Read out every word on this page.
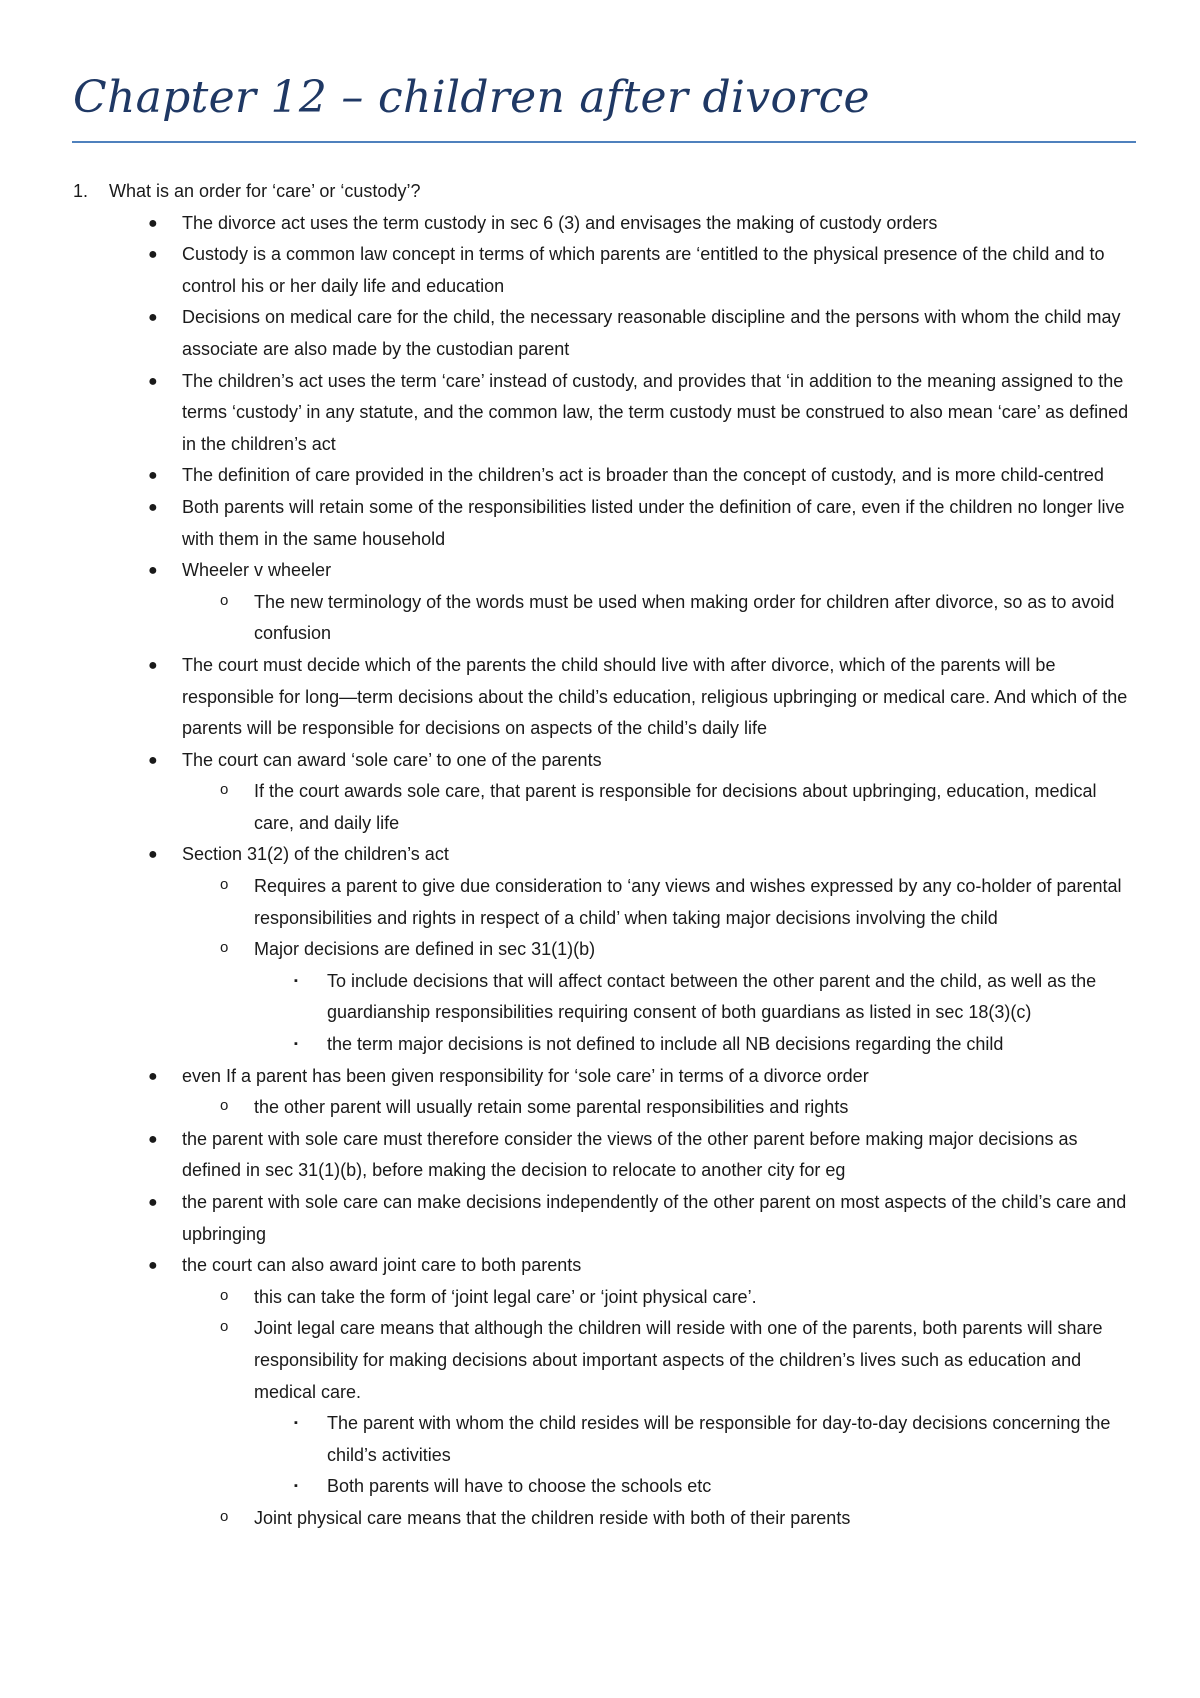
Chapter 12 – children after divorce
1. What is an order for ‘care’ or ‘custody’?
● The divorce act uses the term custody in sec 6 (3) and envisages the making of custody orders
● Custody is a common law concept in terms of which parents are ‘entitled to the physical presence of the child and to control his or her daily life and education
● Decisions on medical care for the child, the necessary reasonable discipline and the persons with whom the child may associate are also made by the custodian parent
● The children’s act uses the term ‘care’ instead of custody, and provides that ‘in addition to the meaning assigned to the terms ‘custody’ in any statute, and the common law, the term custody must be construed to also mean ‘care’ as defined in the children’s act
● The definition of care provided in the children’s act is broader than the concept of custody, and is more child-centred
● Both parents will retain some of the responsibilities listed under the definition of care, even if the children no longer live with them in the same household
● Wheeler v wheeler
o The new terminology of the words must be used when making order for children after divorce, so as to avoid confusion
● The court must decide which of the parents the child should live with after divorce, which of the parents will be responsible for long—term decisions about the child’s education, religious upbringing or medical care. And which of the parents will be responsible for decisions on aspects of the child’s daily life
● The court can award ‘sole care’ to one of the parents
o If the court awards sole care, that parent is responsible for decisions about upbringing, education, medical care, and daily life
● Section 31(2) of the children’s act
o Requires a parent to give due consideration to ‘any views and wishes expressed by any co-holder of parental responsibilities and rights in respect of a child’ when taking major decisions involving the child
o Major decisions are defined in sec 31(1)(b)
▪ To include decisions that will affect contact between the other parent and the child, as well as the guardianship responsibilities requiring consent of both guardians as listed in sec 18(3)(c)
▪ the term major decisions is not defined to include all NB decisions regarding the child
● even If a parent has been given responsibility for ‘sole care’ in terms of a divorce order
o the other parent will usually retain some parental responsibilities and rights
● the parent with sole care must therefore consider the views of the other parent before making major decisions as defined in sec 31(1)(b), before making the decision to relocate to another city for eg
● the parent with sole care can make decisions independently of the other parent on most aspects of the child’s care and upbringing
● the court can also award joint care to both parents
o this can take the form of ‘joint legal care’ or ‘joint physical care’.
o Joint legal care means that although the children will reside with one of the parents, both parents will share responsibility for making decisions about important aspects of the children’s lives such as education and medical care.
▪ The parent with whom the child resides will be responsible for day-to-day decisions concerning the child’s activities
▪ Both parents will have to choose the schools etc
o Joint physical care means that the children reside with both of their parents
